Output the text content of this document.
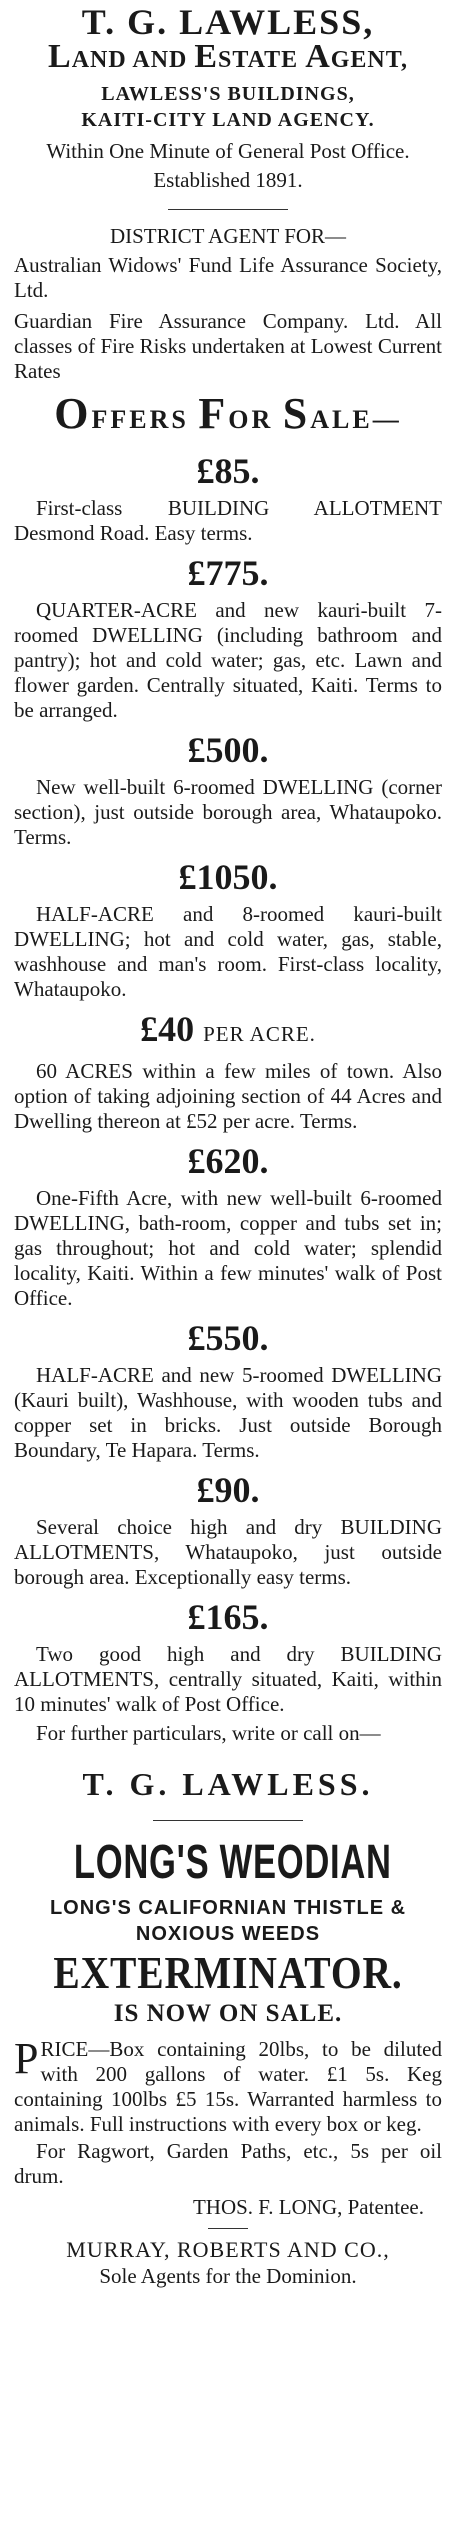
T. G. LAWLESS,

LAND AND ESTATE AGENT,

LAWLESS'S BUILDINGS,

KAITI-CITY LAND AGENCY.

Within One Minute of General Post Office.

Established 1891.

DISTRICT AGENT FOR—

Australian Widows' Fund Life Assurance Society, Ltd.

Guardian Fire Assurance Company. Ltd. All classes of Fire Risks undertaken at Lowest Current Rates

OFFERS FOR SALE—

£85.

First-class BUILDING ALLOTMENT Desmond Road. Easy terms.

£775.

QUARTER-ACRE and new kauri-built 7-roomed DWELLING (including bathroom and pantry); hot and cold water; gas, etc. Lawn and flower garden. Centrally situated, Kaiti. Terms to be arranged.

£500.

New well-built 6-roomed DWELLING (corner section), just outside borough area, Whataupoko. Terms.

£1050.

HALF-ACRE and 8-roomed kauri-built DWELLING; hot and cold water, gas, stable, washhouse and man's room. First-class locality, Whataupoko.

£40 PER ACRE.

60 ACRES within a few miles of town. Also option of taking adjoining section of 44 Acres and Dwelling thereon at £52 per acre. Terms.

£620.

One-Fifth Acre, with new well-built 6-roomed DWELLING, bath-room, copper and tubs set in; gas throughout; hot and cold water; splendid locality, Kaiti. Within a few minutes' walk of Post Office.

£550.

HALF-ACRE and new 5-roomed DWELLING (Kauri built), Washhouse, with wooden tubs and copper set in bricks. Just outside Borough Boundary, Te Hapara. Terms.

£90.

Several choice high and dry BUILDING ALLOTMENTS, Whataupoko, just outside borough area. Exceptionally easy terms.

£165.

Two good high and dry BUILDING ALLOTMENTS, centrally situated, Kaiti, within 10 minutes' walk of Post Office.

For further particulars, write or call on—

T. G. LAWLESS.

LONG'S WEODIAN

LONG'S CALIFORNIAN THISTLE &

NOXIOUS WEEDS

EXTERMINATOR.

IS NOW ON SALE.

PRICE—Box containing 20lbs, to be diluted with 200 gallons of water. £1 5s. Keg containing 100lbs £5 15s. Warranted harmless to animals. Full instructions with every box or keg.

For Ragwort, Garden Paths, etc., 5s per oil drum.

THOS. F. LONG, Patentee.

MURRAY, ROBERTS AND CO.,

Sole Agents for the Dominion.
